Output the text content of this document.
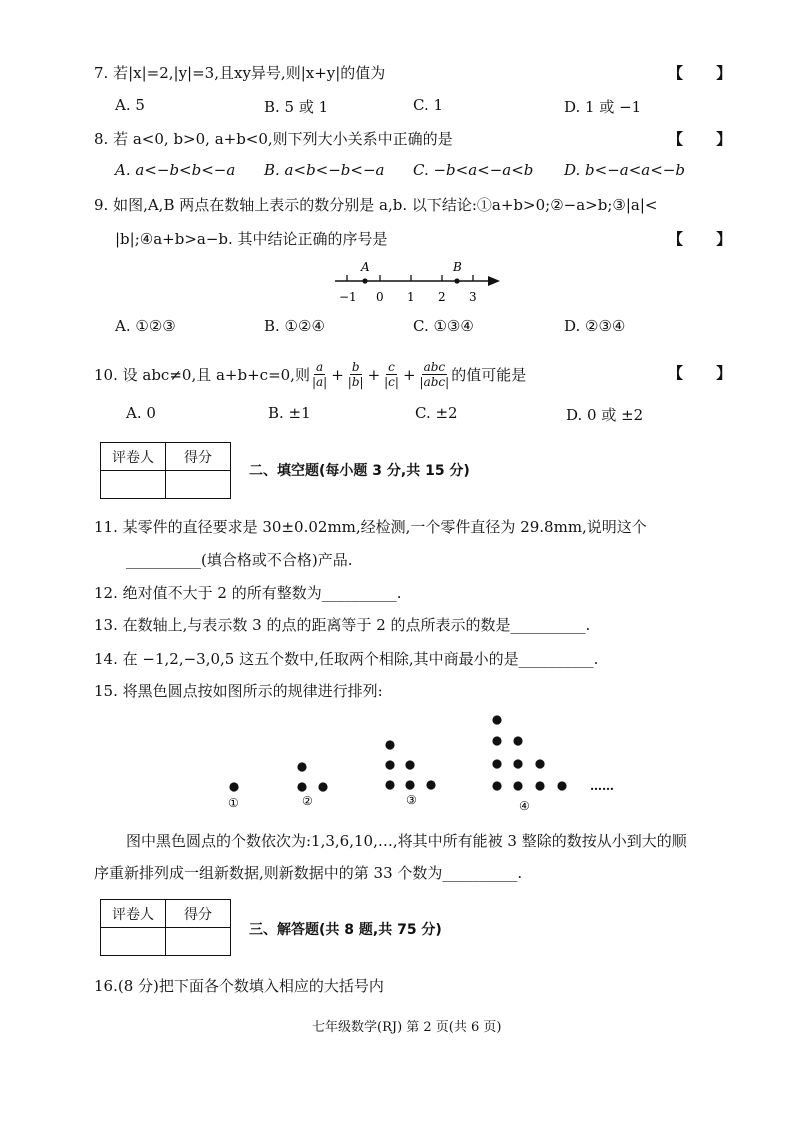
7. 若|x|=2,|y|=3,且xy异号,则|x+y|的值为	【 】
A. 5	B. 5 或 1	C. 1	D. 1 或 −1
8. 若 a<0, b>0, a+b<0,则下列大小关系中正确的是	【 】
A. a<−b<b<−a B. a<b<−b<−a C. −b<a<−a<b D. b<−a<a<−b
9. 如图,A,B 两点在数轴上表示的数分别是 a,b. 以下结论:①a+b>0;②−a>b;③|a|<
|b|;④a+b>a−b. 其中结论正确的序号是	【 】
A	B
−1 0 1 2 3
A. ①②③	B. ①②④	C. ①③④	D. ②③④
10. 设 abc≠0,且 a+b+c=0,则 a
$|a| + \frac{b}{|b|} + \frac{c}{|c|}$ + abc
|abc| 的值可能是	【 】
A. 0	B. ±1	C. ±2	D. 0 或 ±2
评卷人	得分

二、填空题(每小题 3 分,共 15 分)
11. 某零件的直径要求是 30±0.02mm,经检测,一个零件直径为 29.8mm,说明这个
__________(填合格或不合格)产品.
12. 绝对值不大于 2 的所有整数为__________.
13. 在数轴上,与表示数 3 的点的距离等于 2 的点所表示的数是__________.
14. 在 −1,2,−3,0,5 这五个数中,任取两个相除,其中商最小的是__________.
15. 将黑色圆点按如图所示的规律进行排列:
①	②	③	④
……
图中黑色圆点的个数依次为:1,3,6,10,…,将其中所有能被 3 整除的数按从小到大的顺
序重新排列成一组新数据,则新数据中的第 33 个数为__________.
评卷人	得分

三、解答题(共 8 题,共 75 分)
16.(8 分)把下面各个数填入相应的大括号内
七年级数学(RJ) 第 2 页(共 6 页)
